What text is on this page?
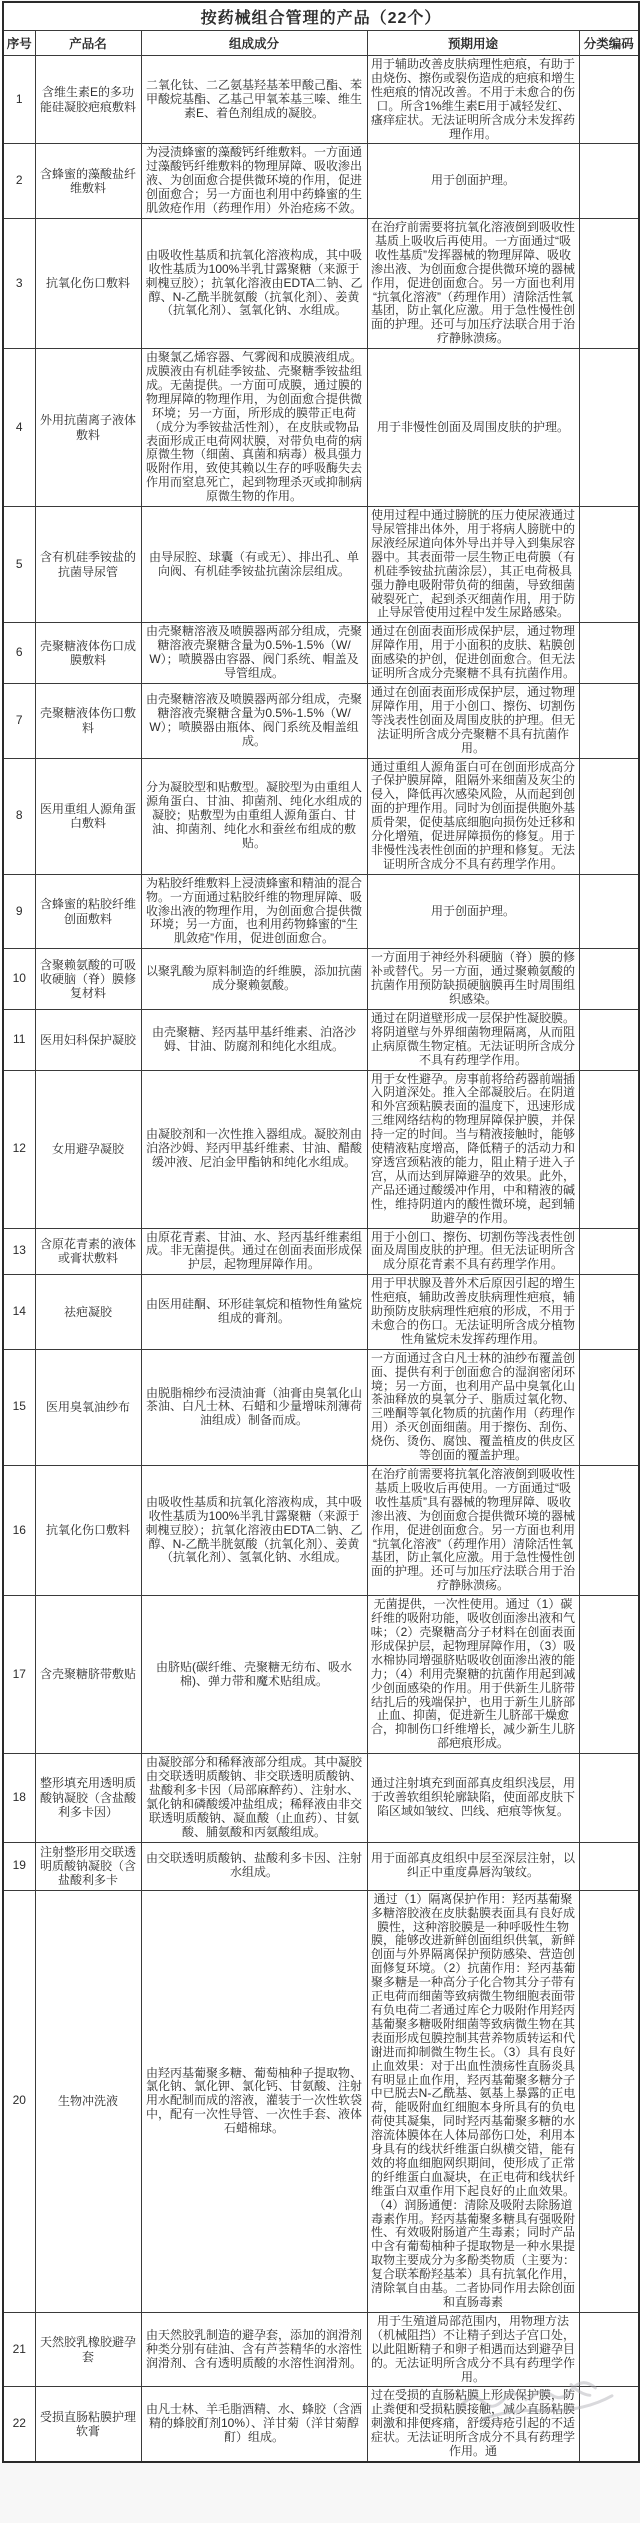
按药械组合管理的产品（22个）				
序号	产品名	组成成分	预期用途	分类编码
1	含维生素E的多功能硅凝胶疤痕敷料	二氧化钛、二乙氨基羟基苯甲酸己酯、苯甲酸烷基酯、乙基己甲氧苯基三嗪、维生素E、着色剂组成的凝胶。	用于辅助改善皮肤病理性疤痕，有助于由烧伤、擦伤或裂伤造成的疤痕和增生性疤痕的情况改善。不用于未愈合的伤口。所含1%维生素E用于减轻发红、瘙痒症状。无法证明所含成分未发挥药理作用。	
2	含蜂蜜的藻酸盐纤维敷料	为浸渍蜂蜜的藻酸钙纤维敷料。一方面通过藻酸钙纤维敷料的物理屏障、吸收渗出液、为创面愈合提供微环境的作用，促进创面愈合；另一方面也利用中药蜂蜜的生肌敛疮作用（药理作用）外治疮疡不敛。	用于创面护理。	
3	抗氧化伤口敷料	由吸收性基质和抗氧化溶液构成，其中吸收性基质为100%半乳甘露聚糖（来源于刺槐豆胶）；抗氧化溶液由EDTA二钠、乙醇、N-乙酰半胱氨酸（抗氧化剂）、姜黄（抗氧化剂）、氢氧化钠、水组成。	在治疗前需要将抗氧化溶液倒到吸收性基质上吸收后再使用。一方面通过“吸收性基质”发挥器械的物理屏障、吸收渗出液、为创面愈合提供微环境的器械作用，促进创面愈合。另一方面也利用“抗氧化溶液”（药理作用）清除活性氧基团，防止氧化应激。用于急性慢性创面的护理。还可与加压疗法联合用于治疗静脉溃疡。	
4	外用抗菌离子液体敷料	由聚氯乙烯容器、气雾阀和成膜液组成。成膜液由有机硅季铵盐、壳聚糖季铵盐组成。无菌提供。一方面可成膜，通过膜的物理屏障的物理作用，为创面愈合提供微环境；另一方面，所形成的膜带正电荷（成分为季铵盐活性剂），在皮肤或物品表面形成正电荷网状膜，对带负电荷的病原微生物（细菌、真菌和病毒）极具强力吸附作用，致使其赖以生存的呼吸酶失去作用而窒息死亡，起到物理杀灭或抑制病原微生物的作用。	用于非慢性创面及周围皮肤的护理。	
5	含有机硅季铵盐的抗菌导尿管	由导尿腔、球囊（有或无）、排出孔、单向阀、有机硅季铵盐抗菌涂层组成。	使用过程中通过膀胱的压力使尿液通过导尿管排出体外，用于将病人膀胱中的尿液经尿道向体外导出并导入到集尿容器中。其表面带一层生物正电荷膜（有机硅季铵盐抗菌涂层），其正电荷极具强力静电吸附带负荷的细菌，导致细菌破裂死亡，起到杀灭细菌作用，用于防止导尿管使用过程中发生尿路感染。	
6	壳聚糖液体伤口成膜敷料	由壳聚糖溶液及喷膜器两部分组成，壳聚糖溶液壳聚糖含量为0.5%-1.5%（W/W）；喷膜器由容器、阀门系统、帽盖及导管组成。	通过在创面表面形成保护层，通过物理屏障作用，用于小面积的皮肤、粘膜创面感染的护创，促进创面愈合。但无法证明所含成分壳聚糖不具有抗菌作用。	
7	壳聚糖液体伤口敷料	由壳聚糖溶液及喷膜器两部分组成，壳聚糖溶液壳聚糖含量为0.5%-1.5%（W/W）；喷膜器由瓶体、阀门系统及帽盖组成。	通过在创面表面形成保护层，通过物理屏障作用，用于小创口、擦伤、切割伤等浅表性创面及周围皮肤的护理。但无法证明所含成分壳聚糖不具有抗菌作用。	
8	医用重组人源角蛋白敷料	分为凝胶型和贴敷型。凝胶型为由重组人源角蛋白、甘油、抑菌剂、纯化水组成的凝胶；贴敷型为由重组人源角蛋白、甘油、抑菌剂、纯化水和蚕丝布组成的敷贴。	通过重组人源角蛋白可在创面形成高分子保护膜屏障，阻隔外来细菌及灰尘的侵入，降低再次感染风险，从而起到创面的护理作用。同时为创面提供胞外基质骨架，促使基底细胞向损伤处迁移和分化增殖，促进屏障损伤的修复。用于非慢性浅表性创面的护理和修复。无法证明所含成分不具有药理学作用。	
9	含蜂蜜的粘胶纤维创面敷料	为粘胶纤维敷料上浸渍蜂蜜和精油的混合物。一方面通过粘胶纤维的物理屏障、吸收渗出液的物理作用，为创面愈合提供微环境；另一方面，也利用药物蜂蜜的“生肌敛疮”作用，促进创面愈合。	用于创面护理。	
10	含聚赖氨酸的可吸收硬脑（脊）膜修复材料	以聚乳酸为原料制造的纤维膜，添加抗菌成分聚赖氨酸。	一方面用于神经外科硬脑（脊）膜的修补或替代。另一方面，通过聚赖氨酸的抗菌作用预防缺损硬脑膜再生时周围组织感染。	
11	医用妇科保护凝胶	由壳聚糖、羟丙基甲基纤维素、泊洛沙姆、甘油、防腐剂和纯化水组成。	通过在阴道壁形成一层保护性凝胶膜。将阴道壁与外界细菌物理隔离，从而阻止病原微生物定植。无法证明所含成分不具有药理学作用。	
12	女用避孕凝胶	由凝胶剂和一次性推入器组成。凝胶剂由泊洛沙姆、羟丙甲基纤维素、甘油、醋酸缓冲液、尼泊金甲酯钠和纯化水组成。	用于女性避孕。房事前将给药器前端插入阴道深处。推入全部凝胶后。在阴道和外宫颈粘膜表面的温度下，迅速形成三维网络结构的物理屏障保护膜，并保持一定的时间。当与精液接触时，能够使精液粘度增高，降低精子的活动力和穿透宫颈粘液的能力，阻止精子进入子宫，从而达到屏障避孕的效果。此外，产品还通过酸缓冲作用，中和精液的碱性，维持阴道内的酸性微环境，起到辅助避孕的作用。	
13	含原花青素的液体或膏状敷料	由原花青素、甘油、水、羟丙基纤维素组成。非无菌提供。通过在创面表面形成保护层，起物理屏障作用。	用于小创口、擦伤、切割伤等浅表性创面及周围皮肤的护理。但无法证明所含成分原花青素不具有药理学作用。	
14	祛疤凝胶	由医用硅酮、环形硅氧烷和植物性角鲨烷组成的膏剂。	用于甲状腺及普外术后原因引起的增生性疤痕，辅助改善皮肤病理性疤痕，辅助预防皮肤病理性疤痕的形成，不用于未愈合的伤口。无法证明所含成分植物性角鲨烷未发挥药理作用。	
15	医用臭氧油纱布	由脱脂棉纱布浸渍油膏（油膏由臭氧化山茶油、白凡士林、石蜡和少量增味剂薄荷油组成）制备而成。	一方面通过含白凡士林的油纱布覆盖创面、提供有利于创面愈合的湿润密闭环境；另一方面，也利用产品中臭氧化山茶油释放的臭氧分子、脂质过氧化物、三唑酮等氧化物质的抗菌作用（药理作用）杀灭创面细菌。用于擦伤、刮伤、烧伤、烫伤、腐蚀、覆盖植皮的供皮区等创面的覆盖护理。	
16	抗氧化伤口敷料	由吸收性基质和抗氧化溶液构成，其中吸收性基质为100%半乳甘露聚糖（来源于刺槐豆胶）；抗氧化溶液由EDTA二钠、乙醇、N-乙酰半胱氨酸（抗氧化剂）、姜黄（抗氧化剂）、氢氧化钠、水组成。	在治疗前需要将抗氧化溶液倒到吸收性基质上吸收后再使用。一方面通过“吸收性基质”具有器械的物理屏障、吸收渗出液、为创面愈合提供微环境的器械作用，促进创面愈合。另一方面也利用“抗氧化溶液”（药理作用）清除活性氧基团，防止氧化应激。用于急性慢性创面的护理。还可与加压疗法联合用于治疗静脉溃疡。	
17	含壳聚糖脐带敷贴	由脐贴(碳纤维、壳聚糖无纺布、吸水棉)、弹力带和魔术贴组成。	无菌提供，一次性使用。通过（1）碳纤维的吸附功能，吸收创面渗出液和气味；（2）壳聚糖高分子材料在创面表面形成保护层，起物理屏障作用，（3）吸水棉协同增强脐贴吸收创面渗出液的能力；（4）利用壳聚糖的抗菌作用起到减少创面感染的作用。用于供新生儿脐带结扎后的残端保护，也用于新生儿脐部止血、抑菌，促进新生儿脐部干燥愈合，抑制伤口纤维增长，减少新生儿脐部疤痕形成。	
18	整形填充用透明质酸钠凝胶（含盐酸利多卡因）	由凝胶部分和稀释液部分组成。其中凝胶由交联透明质酸钠、非交联透明质酸钠、盐酸利多卡因（局部麻醉药）、注射水、氯化钠和磷酸缓冲盐组成；稀释液由非交联透明质酸钠、凝血酸（止血药）、甘氨酸、脯氨酸和丙氨酸组成。	通过注射填充到面部真皮组织浅层，用于改善软组织轮廓缺陷，使面部皮肤下陷区域如皱纹、凹线、疤痕等恢复。	
19	注射整形用交联透明质酸钠凝胶（含盐酸利多卡	由交联透明质酸钠、盐酸利多卡因、注射水组成。	用于面部真皮组织中层至深层注射，以纠正中重度鼻唇沟皱纹。	
20	生物冲洗液	由羟丙基葡聚多糖、葡萄柚种子提取物、氯化钠、氯化钾、氯化钙、甘氨酸、注射用水配制而成的溶液，灌装于一次性软袋中，配有一次性导管、一次性手套、液体石蜡棉球。	通过（1）隔离保护作用：羟丙基葡聚多糖溶胶液在皮肤黏膜表面具有良好成膜性，这种溶胶膜是一种呼吸性生物膜，能够改进新鲜创面组织供氧，新鲜创面与外界隔离保护预防感染、营造创面修复环境。（2）抗菌作用：羟丙基葡聚多糖是一种高分子化合物其分子带有正电荷而细菌等致病微生物细胞表面带有负电荷二者通过库仑力吸附作用羟丙基葡聚多糖吸附细菌等致病微生物在其表面形成包膜控制其营养物质转运和代谢进而抑制微生物生长。（3）具有良好止血效果：对于出血性溃疡性直肠炎具有明显止血作用，羟丙基葡聚多糖分子中已脱去N-乙酰基、氨基上暴露的正电荷，能吸附血红细胞本身所具有的负电荷使其凝集，同时羟丙基葡聚多糖的水溶流体膜体在人体局部伤口处，利用本身具有的线状纤维蛋白纵横交错，能有效的将血细胞网织期间，使形成了正常的纤维蛋白血凝块，在正电荷和线状纤维蛋白双重作用下起良好的止血效果。（4）润肠通便：清除及吸附去除肠道毒素作用。羟丙基葡聚多糖具有强吸附性、有效吸附肠道产生毒素；同时产品中含有葡萄柚种子提取物是一种水果提取物主要成分为多酚类物质（主要为：复合联苯酚羟基苯）具有抗氧化作用，清除氧自由基。二者协同作用去除创面和直肠毒素	
21	天然胶乳橡胶避孕套	由天然胶乳制造的避孕套，添加的润滑剂种类分别有硅油、含有芦荟精华的水溶性润滑剂、含有透明质酸的水溶性润滑剂。	用于生殖道局部范围内，用物理方法（机械阻挡）不让精子到达子宫口处，以此阻断精子和卵子相遇而达到避孕目的。无法证明所含成分不具有药理学作用。	
22	受损直肠粘膜护理软膏	由凡士林、羊毛脂酒精、水、蜂胶（含酒精的蜂胶酊剂10%）、洋甘菊（洋甘菊醇酊）组成。	过在受损的直肠粘膜上形成保护膜，防止粪便和受损粘膜接触，减少直肠粘膜刺激和排便疼痛，舒缓痔疮引起的不适症状。无法证明所含成分不具有药理学作用。通	
